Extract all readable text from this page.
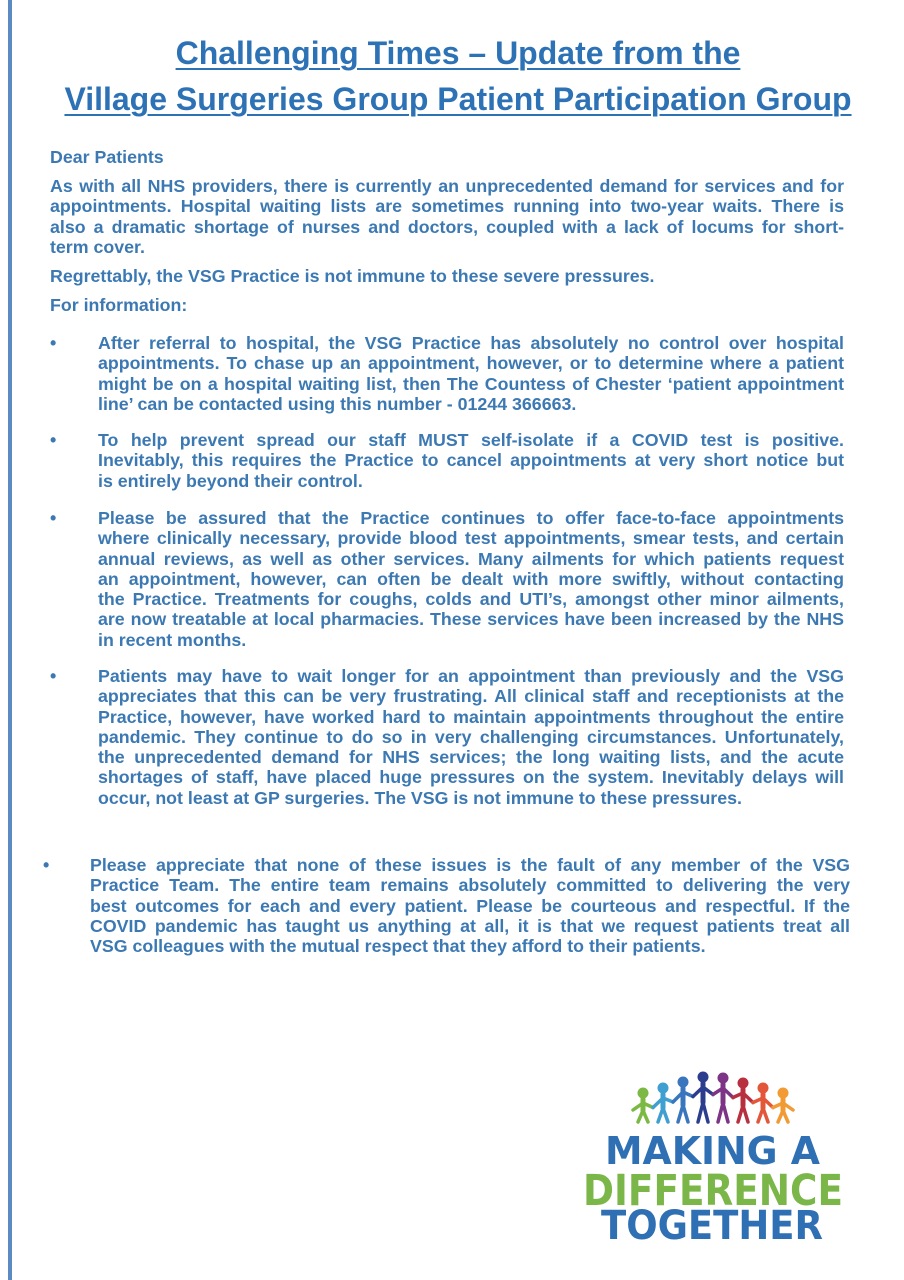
Challenging Times – Update from the
Village Surgeries Group Patient Participation Group
Dear Patients
As with all NHS providers, there is currently an unprecedented demand for services and for
appointments. Hospital waiting lists are sometimes running into two-year waits. There is
also a dramatic shortage of nurses and doctors, coupled with a lack of locums for short-
term cover.
Regrettably, the VSG Practice is not immune to these severe pressures.
For information:
• After referral to hospital, the VSG Practice has absolutely no control over hospital
appointments. To chase up an appointment, however, or to determine where a patient
might be on a hospital waiting list, then The Countess of Chester ‘patient appointment
line’ can be contacted using this number - 01244 366663.
• To help prevent spread our staff MUST self-isolate if a COVID test is positive.
Inevitably, this requires the Practice to cancel appointments at very short notice but
is entirely beyond their control.
• Please be assured that the Practice continues to offer face-to-face appointments
where clinically necessary, provide blood test appointments, smear tests, and certain
annual reviews, as well as other services. Many ailments for which patients request
an appointment, however, can often be dealt with more swiftly, without contacting
the Practice. Treatments for coughs, colds and UTI’s, amongst other minor ailments,
are now treatable at local pharmacies. These services have been increased by the NHS
in recent months.
• Patients may have to wait longer for an appointment than previously and the VSG
appreciates that this can be very frustrating. All clinical staff and receptionists at the
Practice, however, have worked hard to maintain appointments throughout the entire
pandemic. They continue to do so in very challenging circumstances. Unfortunately,
the unprecedented demand for NHS services; the long waiting lists, and the acute
shortages of staff, have placed huge pressures on the system. Inevitably delays will
occur, not least at GP surgeries. The VSG is not immune to these pressures.
• Please appreciate that none of these issues is the fault of any member of the VSG
Practice Team. The entire team remains absolutely committed to delivering the very
best outcomes for each and every patient. Please be courteous and respectful. If the
COVID pandemic has taught us anything at all, it is that we request patients treat all
VSG colleagues with the mutual respect that they afford to their patients.
MAKING A
DIFFERENCE
TOGETHER
